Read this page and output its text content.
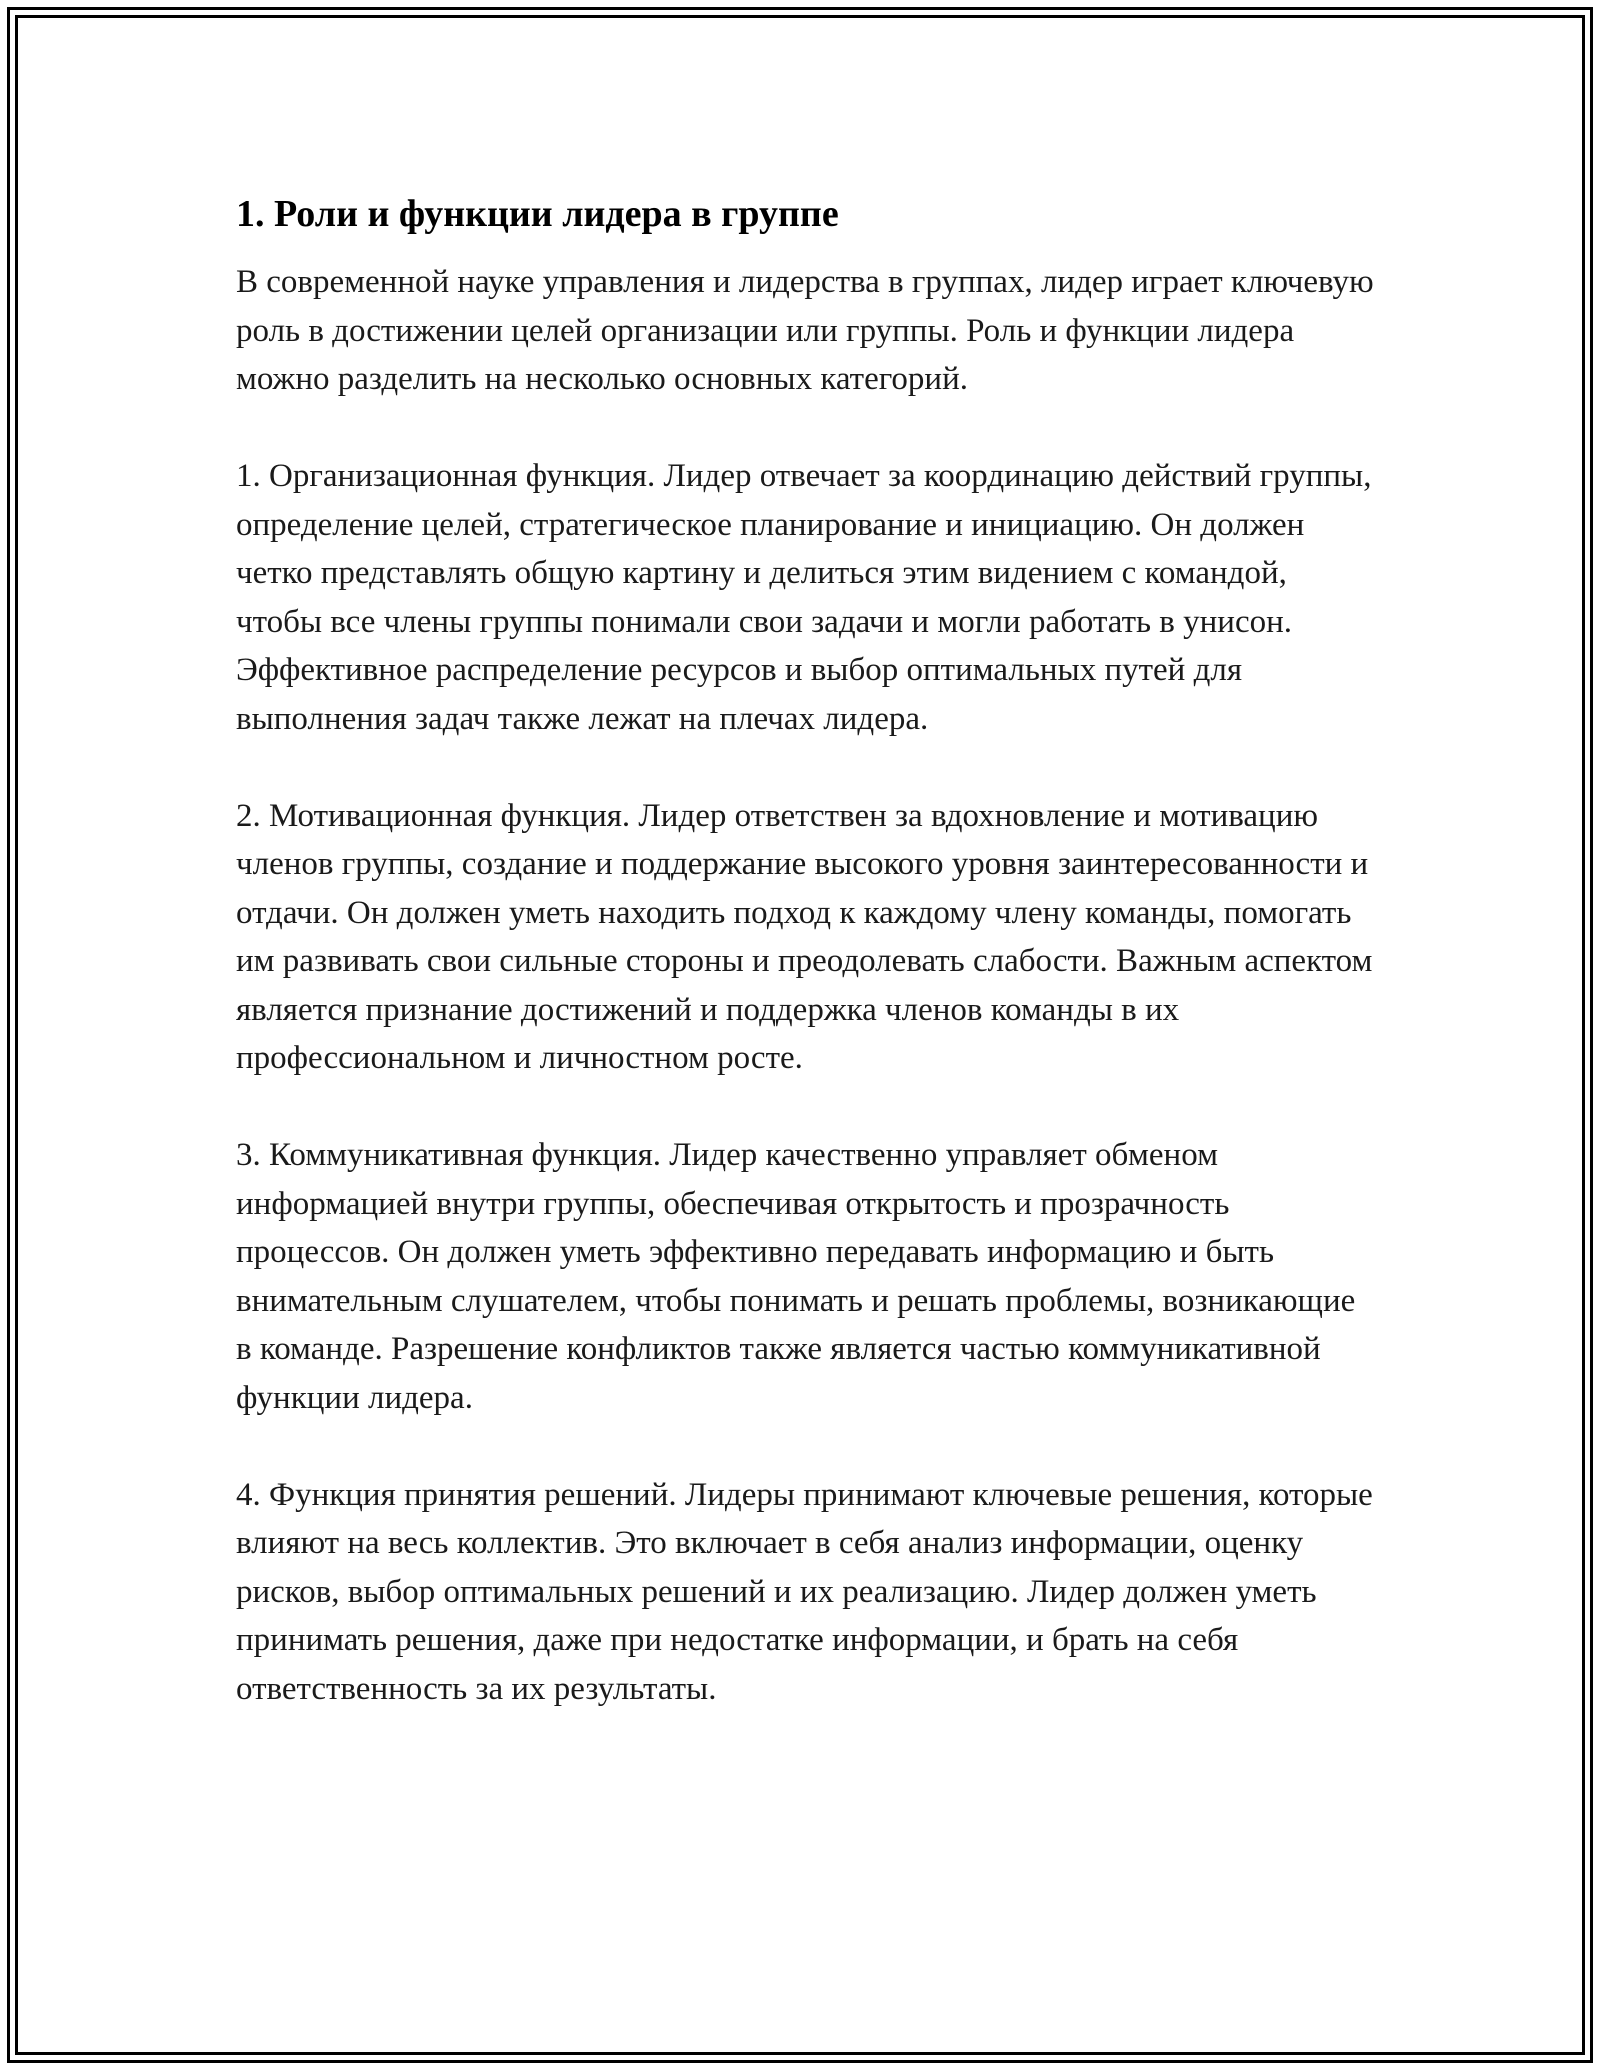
1. Роли и функции лидера в группе

В современной науке управления и лидерства в группах, лидер играет ключевую роль в достижении целей организации или группы. Роль и функции лидера можно разделить на несколько основных категорий.

1. Организационная функция. Лидер отвечает за координацию действий группы, определение целей, стратегическое планирование и инициацию. Он должен четко представлять общую картину и делиться этим видением с командой, чтобы все члены группы понимали свои задачи и могли работать в унисон. Эффективное распределение ресурсов и выбор оптимальных путей для выполнения задач также лежат на плечах лидера.

2. Мотивационная функция. Лидер ответствен за вдохновление и мотивацию членов группы, создание и поддержание высокого уровня заинтересованности и отдачи. Он должен уметь находить подход к каждому члену команды, помогать им развивать свои сильные стороны и преодолевать слабости. Важным аспектом является признание достижений и поддержка членов команды в их профессиональном и личностном росте.

3. Коммуникативная функция. Лидер качественно управляет обменом информацией внутри группы, обеспечивая открытость и прозрачность процессов. Он должен уметь эффективно передавать информацию и быть внимательным слушателем, чтобы понимать и решать проблемы, возникающие в команде. Разрешение конфликтов также является частью коммуникативной функции лидера.

4. Функция принятия решений. Лидеры принимают ключевые решения, которые влияют на весь коллектив. Это включает в себя анализ информации, оценку рисков, выбор оптимальных решений и их реализацию. Лидер должен уметь принимать решения, даже при недостатке информации, и брать на себя ответственность за их результаты.
